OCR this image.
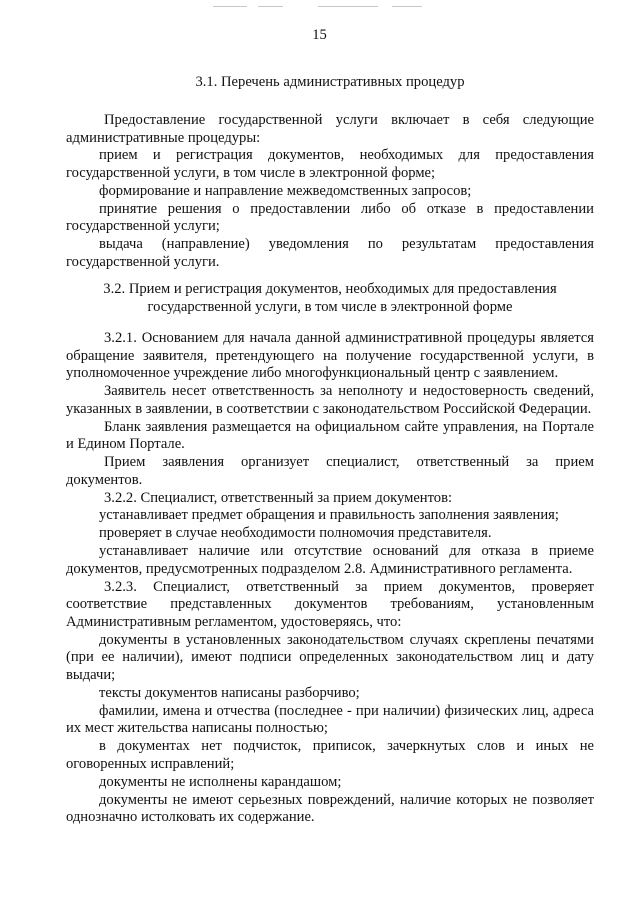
15
3.1. Перечень административных процедур

Предоставление государственной услуги включает в себя следующие административные процедуры:

прием и регистрация документов, необходимых для предоставления государственной услуги, в том числе в электронной форме;

формирование и направление межведомственных запросов;

принятие решения о предоставлении либо об отказе в предоставлении государственной услуги;

выдача (направление) уведомления по результатам предоставления государственной услуги.

3.2. Прием и регистрация документов, необходимых для предоставления
государственной услуги, в том числе в электронной форме

3.2.1. Основанием для начала данной административной процедуры является обращение заявителя, претендующего на получение государственной услуги, в уполномоченное учреждение либо многофункциональный центр с заявлением.

Заявитель несет ответственность за неполноту и недостоверность сведений, указанных в заявлении, в соответствии с законодательством Российской Федерации.

Бланк заявления размещается на официальном сайте управления, на Портале и Едином Портале.

Прием заявления организует специалист, ответственный за прием документов.

3.2.2. Специалист, ответственный за прием документов:

устанавливает предмет обращения и правильность заполнения заявления;

проверяет в случае необходимости полномочия представителя.

устанавливает наличие или отсутствие оснований для отказа в приеме документов, предусмотренных подразделом 2.8. Административного регламента.

3.2.3. Специалист, ответственный за прием документов, проверяет соответствие представленных документов требованиям, установленным Административным регламентом, удостоверяясь, что:

документы в установленных законодательством случаях скреплены печатями (при ее наличии), имеют подписи определенных законодательством лиц и дату выдачи;

тексты документов написаны разборчиво;

фамилии, имена и отчества (последнее - при наличии) физических лиц, адреса их мест жительства написаны полностью;

в документах нет подчисток, приписок, зачеркнутых слов и иных не оговоренных исправлений;

документы не исполнены карандашом;

документы не имеют серьезных повреждений, наличие которых не позволяет однозначно истолковать их содержание.
